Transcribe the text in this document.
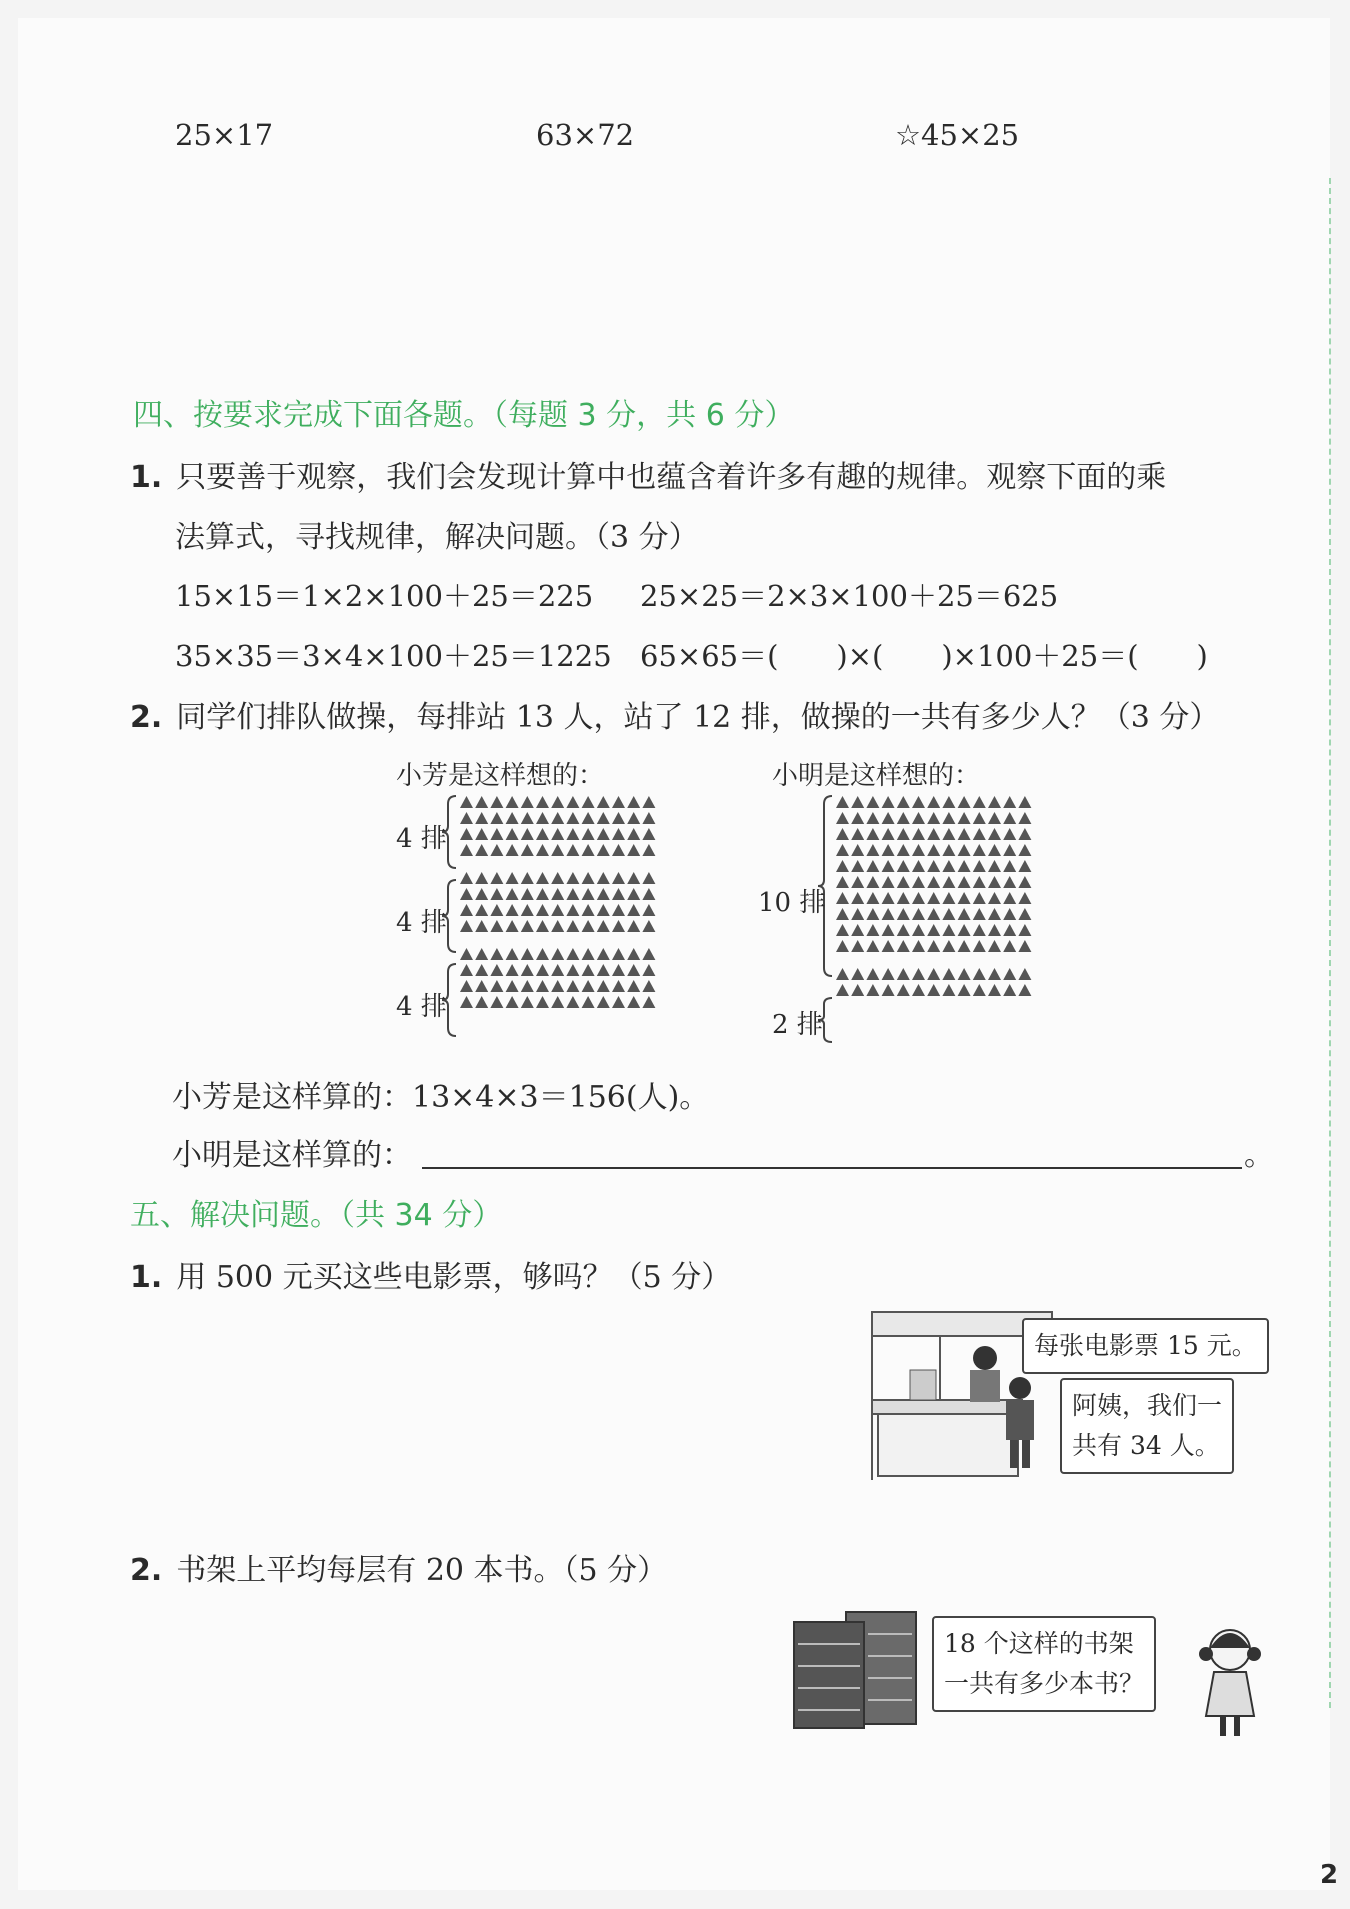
25×17	63×72	☆45×25
四、按要求完成下面各题。（每题 3 分，共 6 分）
1. 只要善于观察，我们会发现计算中也蕴含着许多有趣的规律。观察下面的乘
法算式，寻找规律，解决问题。（3 分）
15×15＝1×2×100＋25＝225 25×25＝2×3×100＋25＝625
35×35＝3×4×100＋25＝1225 65×65＝(　　)×(　　)×100＋25＝(　　)
2. 同学们排队做操，每排站 13 人，站了 12 排，做操的一共有多少人？（3 分）
小芳是这样想的：	小明是这样想的：
4 排
4 排
4 排
10 排
2 排
小芳是这样算的：13×4×3＝156(人)。
小明是这样算的：	。
五、解决问题。（共 34 分）
1. 用 500 元买这些电影票，够吗？（5 分）
每张电影票 15 元。
阿姨，我们一
共有 34 人。
2. 书架上平均每层有 20 本书。（5 分）
18 个这样的书架
一共有多少本书？
2
